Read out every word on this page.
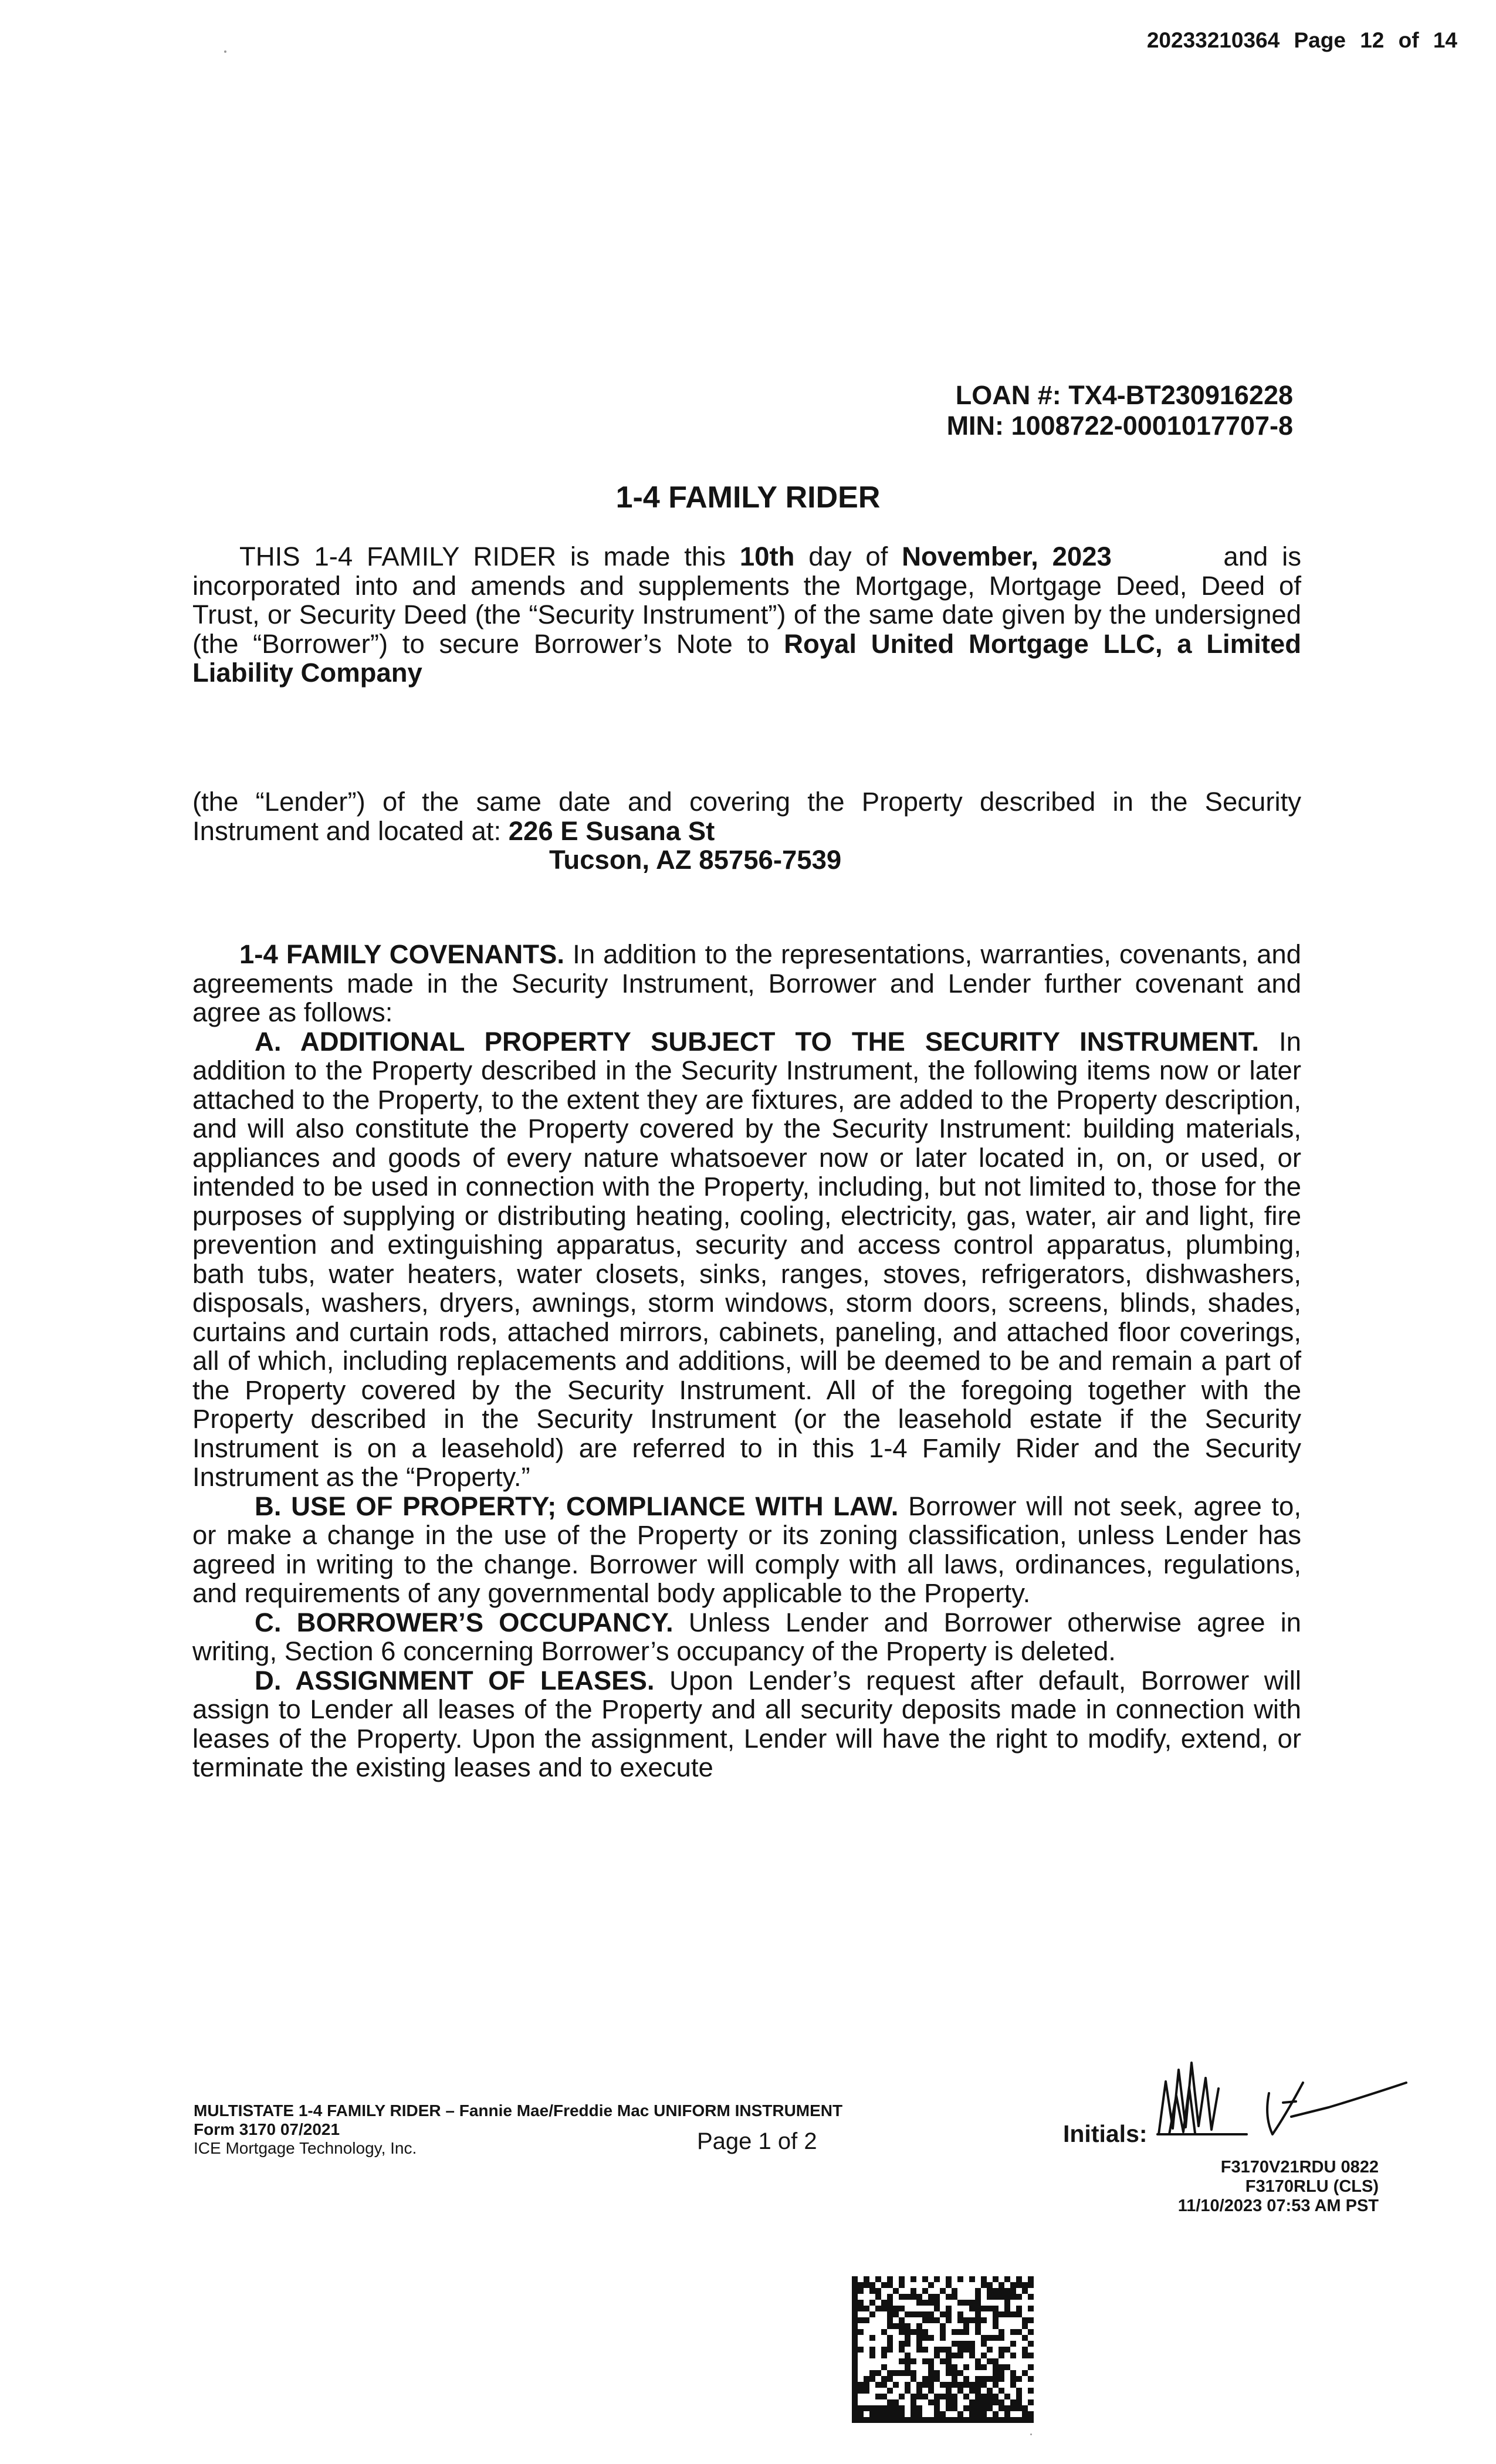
20233210364 Page 12 of 14
LOAN #: TX4-BT230916228
MIN: 1008722-0001017707-8
1-4 FAMILY RIDER

THIS 1-4 FAMILY RIDER is made this 10th day of November, 2023        and is incorporated into and amends and supplements the Mortgage, Mortgage Deed, Deed of Trust, or Security Deed (the “Security Instrument”) of the same date given by the undersigned (the “Borrower”) to secure Borrower’s Note to Royal United Mortgage LLC, a Limited Liability Company

(the “Lender”) of the same date and covering the Property described in the Security Instrument and located at: 226 E Susana St
Tucson, AZ 85756-7539

1-4 FAMILY COVENANTS. In addition to the representations, warranties, covenants, and agreements made in the Security Instrument, Borrower and Lender further covenant and agree as follows:

A. ADDITIONAL PROPERTY SUBJECT TO THE SECURITY INSTRUMENT. In addition to the Property described in the Security Instrument, the following items now or later attached to the Property, to the extent they are fixtures, are added to the Property description, and will also constitute the Property covered by the Security Instrument: building materials, appliances and goods of every nature whatsoever now or later located in, on, or used, or intended to be used in connection with the Property, including, but not limited to, those for the purposes of supplying or distributing heating, cooling, electricity, gas, water, air and light, fire prevention and extinguishing apparatus, security and access control apparatus, plumbing, bath tubs, water heaters, water closets, sinks, ranges, stoves, refrigerators, dishwashers, disposals, washers, dryers, awnings, storm windows, storm doors, screens, blinds, shades, curtains and curtain rods, attached mirrors, cabinets, paneling, and attached floor coverings, all of which, including replacements and additions, will be deemed to be and remain a part of the Property covered by the Security Instrument. All of the foregoing together with the Property described in the Security Instrument (or the leasehold estate if the Security Instrument is on a leasehold) are referred to in this 1-4 Family Rider and the Security Instrument as the “Property.”

B. USE OF PROPERTY; COMPLIANCE WITH LAW. Borrower will not seek, agree to, or make a change in the use of the Property or its zoning classification, unless Lender has agreed in writing to the change. Borrower will comply with all laws, ordinances, regulations, and requirements of any governmental body applicable to the Property.

C. BORROWER’S OCCUPANCY. Unless Lender and Borrower otherwise agree in writing, Section 6 concerning Borrower’s occupancy of the Property is deleted.

D. ASSIGNMENT OF LEASES. Upon Lender’s request after default, Borrower will assign to Lender all leases of the Property and all security deposits made in connection with leases of the Property. Upon the assignment, Lender will have the right to modify, extend, or terminate the existing leases and to execute

MULTISTATE 1-4 FAMILY RIDER – Fannie Mae/Freddie Mac UNIFORM INSTRUMENT
Form 3170 07/2021
ICE Mortgage Technology, Inc.	Page 1 of 2	Initials:
F3170V21RDU 0822
F3170RLU (CLS)
11/10/2023 07:53 AM PST
